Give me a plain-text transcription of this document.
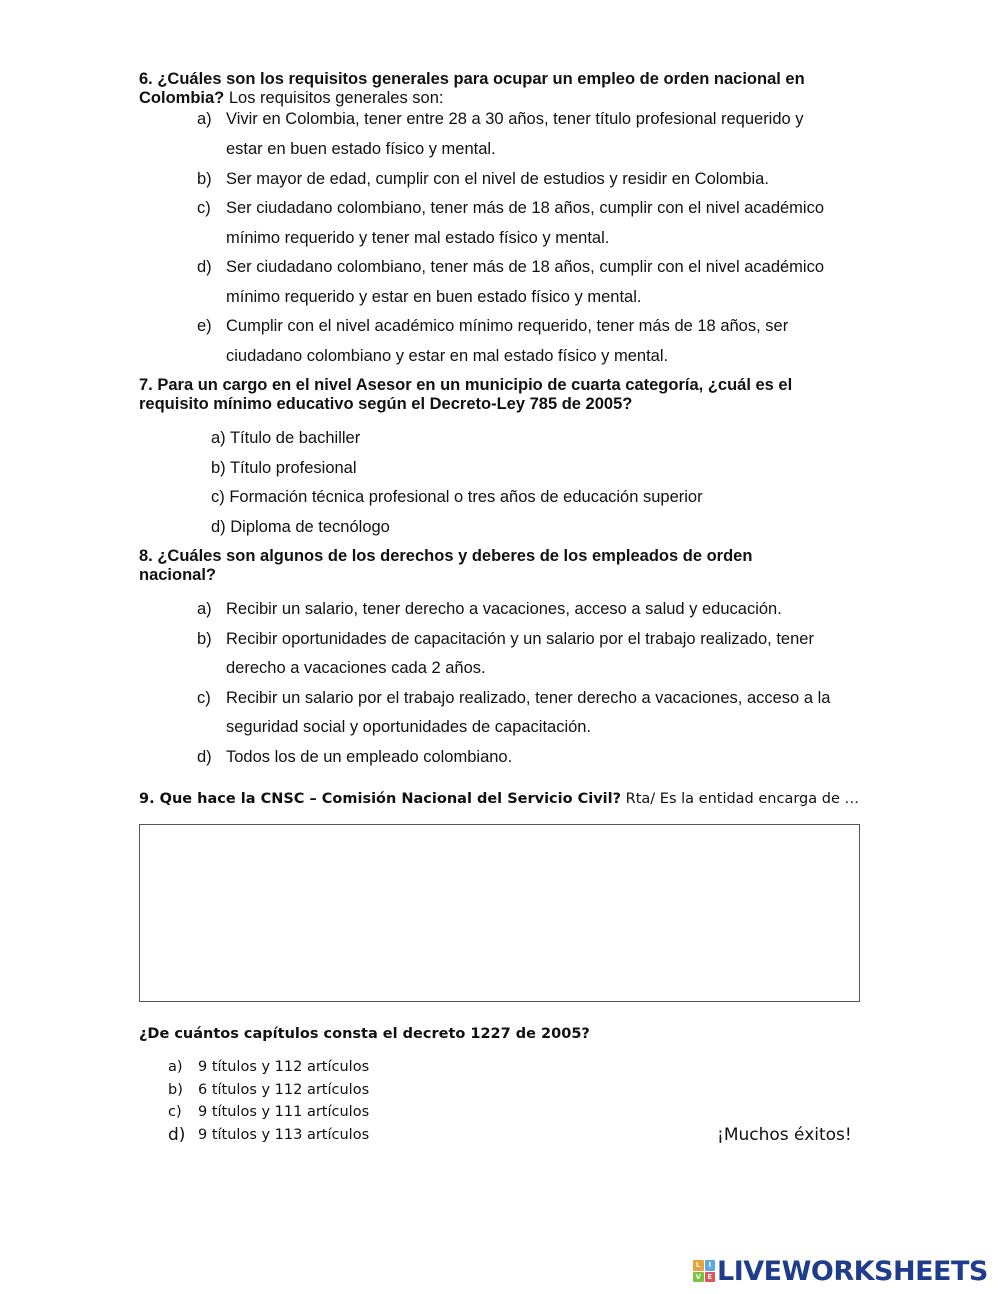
6. ¿Cuáles son los requisitos generales para ocupar un empleo de orden nacional en
Colombia? Los requisitos generales son:
a) Vivir en Colombia, tener entre 28 a 30 años, tener título profesional requerido y
estar en buen estado físico y mental.
b) Ser mayor de edad, cumplir con el nivel de estudios y residir en Colombia.
c) Ser ciudadano colombiano, tener más de 18 años, cumplir con el nivel académico
mínimo requerido y tener mal estado físico y mental.
d) Ser ciudadano colombiano, tener más de 18 años, cumplir con el nivel académico
mínimo requerido y estar en buen estado físico y mental.
e) Cumplir con el nivel académico mínimo requerido, tener más de 18 años, ser
ciudadano colombiano y estar en mal estado físico y mental.
7. Para un cargo en el nivel Asesor en un municipio de cuarta categoría, ¿cuál es el
requisito mínimo educativo según el Decreto-Ley 785 de 2005?
a) Título de bachiller
b) Título profesional
c) Formación técnica profesional o tres años de educación superior
d) Diploma de tecnólogo
8. ¿Cuáles son algunos de los derechos y deberes de los empleados de orden
nacional?
a) Recibir un salario, tener derecho a vacaciones, acceso a salud y educación.
b) Recibir oportunidades de capacitación y un salario por el trabajo realizado, tener
derecho a vacaciones cada 2 años.
c) Recibir un salario por el trabajo realizado, tener derecho a vacaciones, acceso a la
seguridad social y oportunidades de capacitación.
d) Todos los de un empleado colombiano.
9. Que hace la CNSC – Comisión Nacional del Servicio Civil? Rta/ Es la entidad encarga de …
¿De cuántos capítulos consta el decreto 1227 de 2005?
a) 9 títulos y 112 artículos
b) 6 títulos y 112 artículos
c) 9 títulos y 111 artículos
d) 9 títulos y 113 artículos	¡Muchos éxitos!
L	I
V E LIVEWORKSHEETS
